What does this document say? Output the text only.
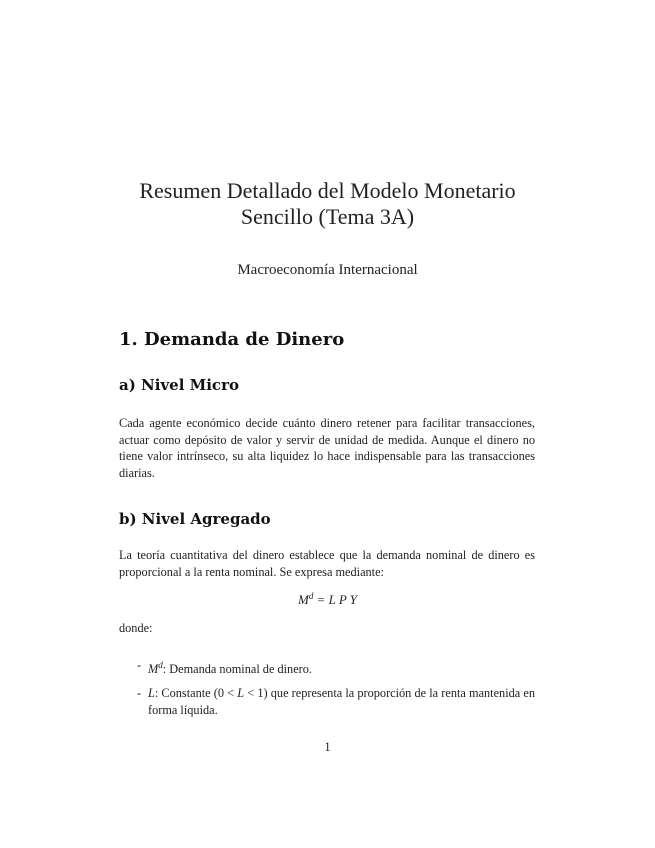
Resumen Detallado del Modelo Monetario
Sencillo (Tema 3A)
Macroeconomía Internacional
1. Demanda de Dinero
a) Nivel Micro
Cada agente económico decide cuánto dinero retener para facilitar transacciones, actuar como depósito de valor y servir de unidad de medida. Aunque el dinero no tiene valor intrínseco, su alta liquidez lo hace indispensable para las transacciones diarias.
b) Nivel Agregado
La teoría cuantitativa del dinero establece que la demanda nominal de dinero es proporcional a la renta nominal. Se expresa mediante:
$M^d = L$ P Y
donde:
- $M^d$: Demanda nominal de dinero.
- L: Constante (0 < L < 1) que representa la proporción de la renta mantenida en forma líquida.
1
